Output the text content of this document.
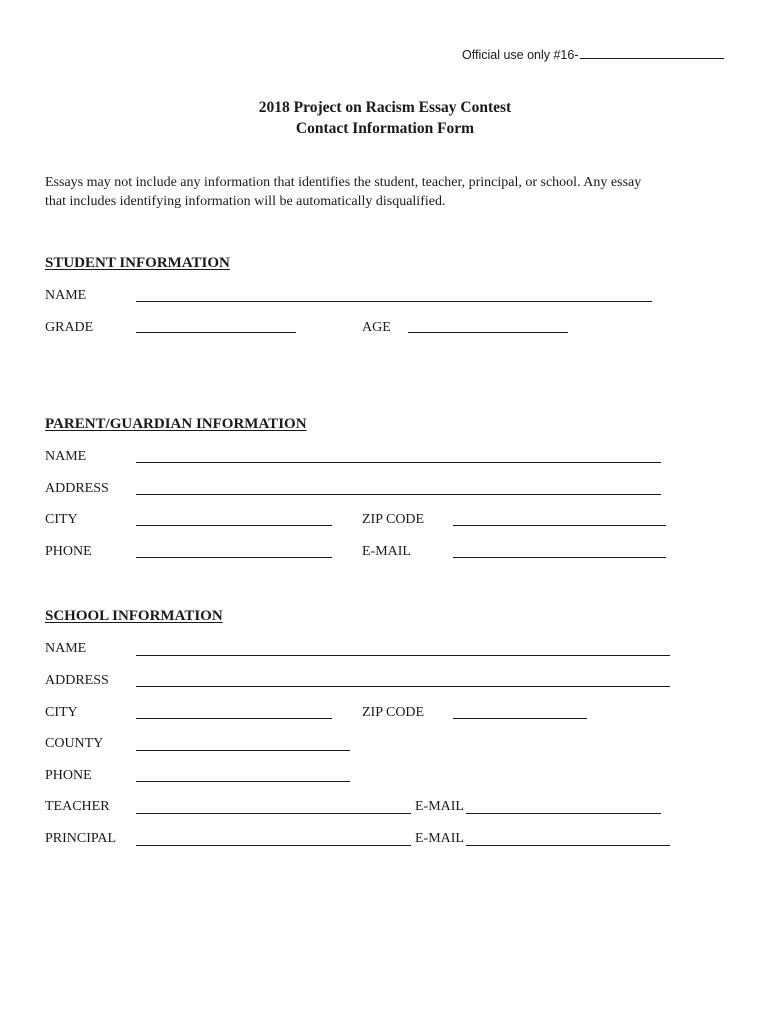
Official use only #16-
2018 Project on Racism Essay Contest
Contact Information Form
Essays may not include any information that identifies the student, teacher, principal, or school. Any essay
that includes identifying information will be automatically disqualified.
STUDENT INFORMATION
NAME
GRADE	AGE
PARENT/GUARDIAN INFORMATION
NAME
ADDRESS
CITY	ZIP CODE
PHONE	E-MAIL
SCHOOL INFORMATION
NAME
ADDRESS
CITY	ZIP CODE
COUNTY
PHONE
TEACHER	E-MAIL
PRINCIPAL	E-MAIL
